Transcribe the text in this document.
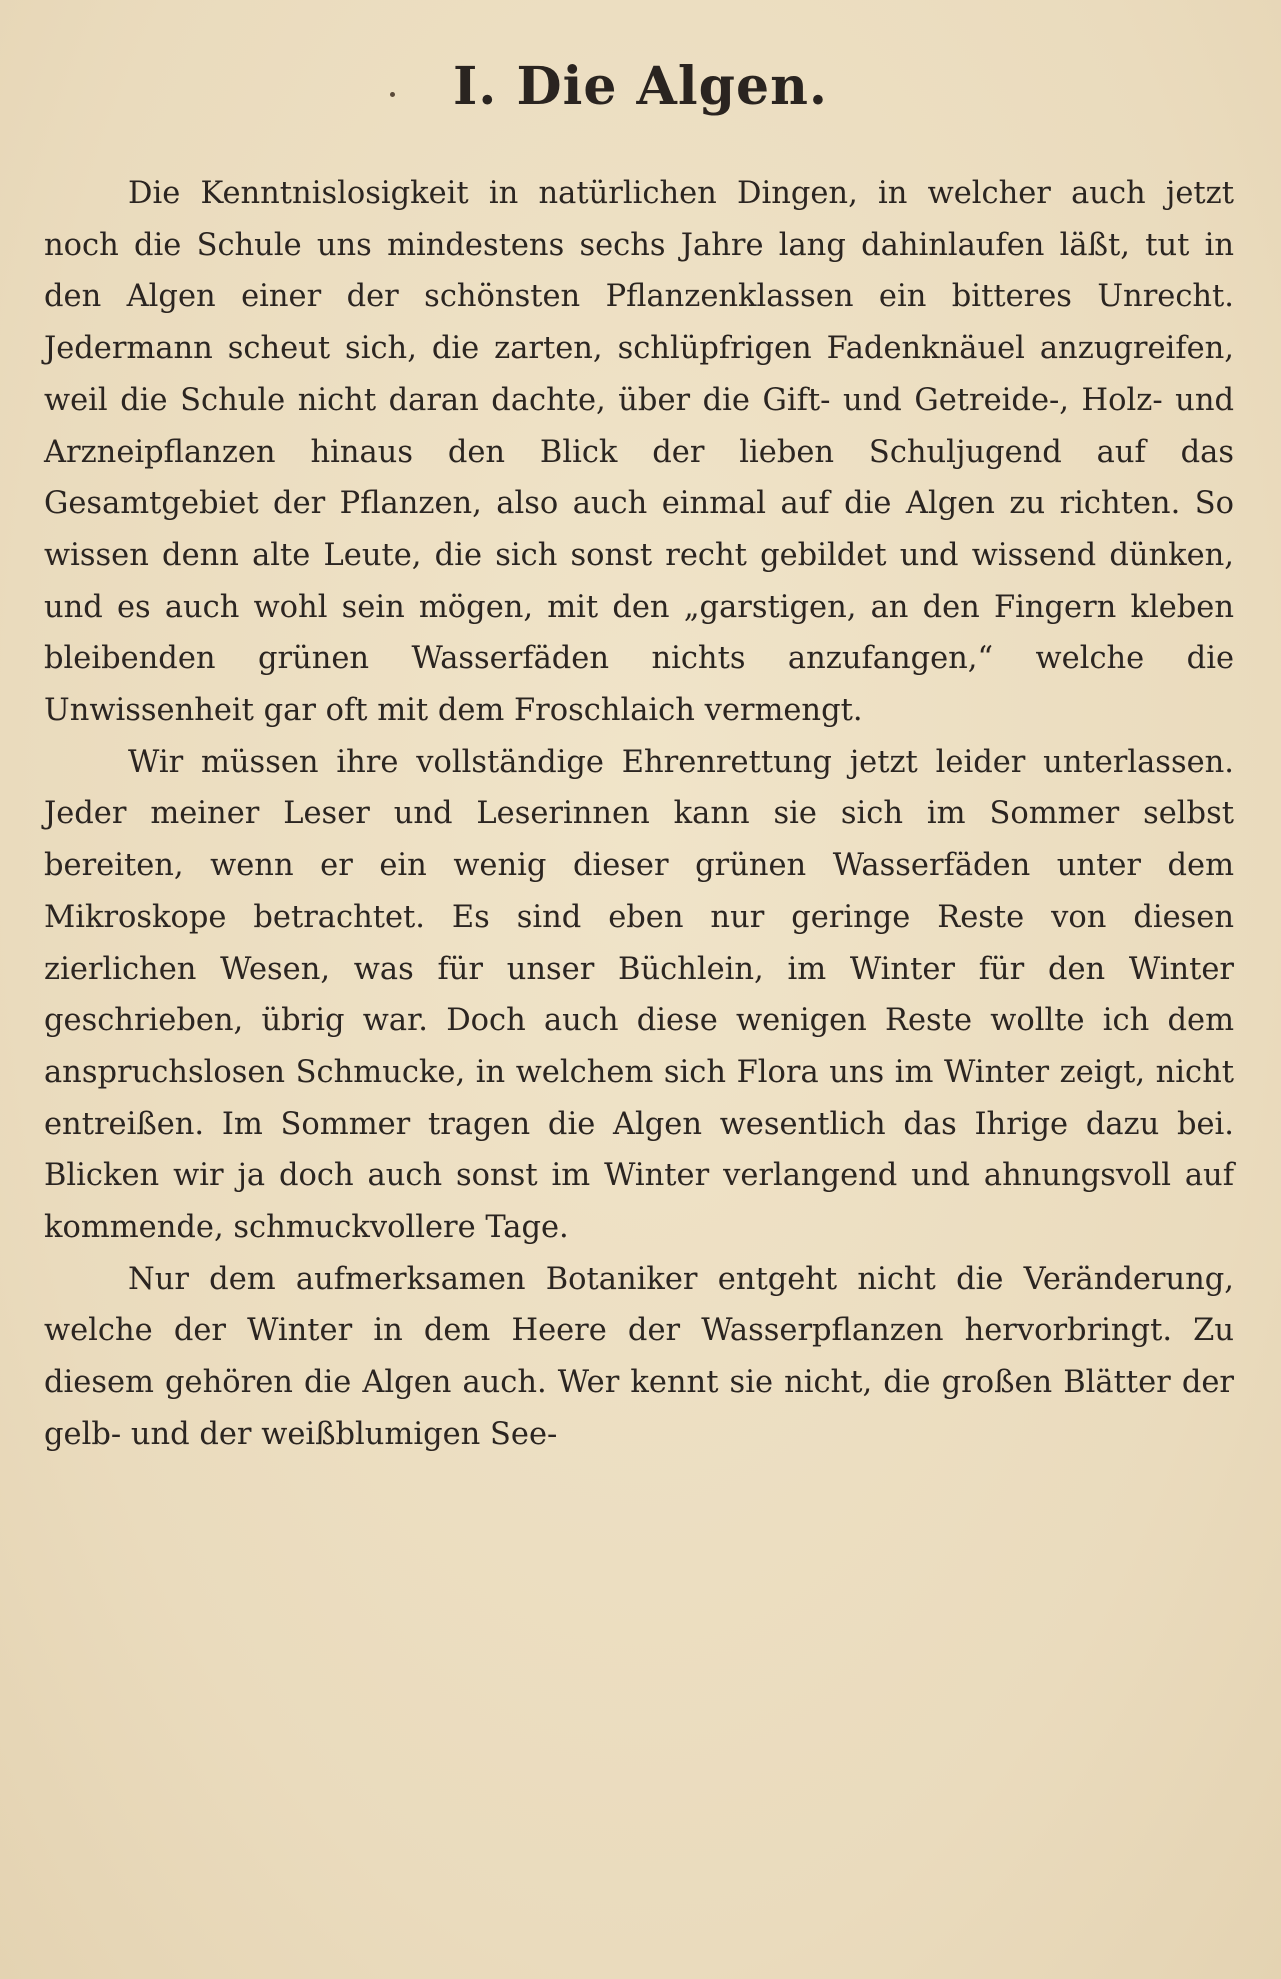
I. Die Algen.

Die Kenntnislosigkeit in natürlichen Dingen, in welcher auch jetzt noch die Schule uns mindestens sechs Jahre lang dahinlaufen läßt, tut in den Algen einer der schönsten Pflanzenklassen ein bitteres Unrecht. Jedermann scheut sich, die zarten, schlüpfrigen Fadenknäuel anzugreifen, weil die Schule nicht daran dachte, über die Gift- und Getreide-, Holz- und Arzneipflanzen hinaus den Blick der lieben Schuljugend auf das Gesamtgebiet der Pflanzen, also auch einmal auf die Algen zu richten. So wissen denn alte Leute, die sich sonst recht gebildet und wissend dünken, und es auch wohl sein mögen, mit den „garstigen, an den Fingern kleben bleibenden grünen Wasserfäden nichts anzufangen,“ welche die Unwissenheit gar oft mit dem Froschlaich vermengt.

Wir müssen ihre vollständige Ehrenrettung jetzt leider unterlassen. Jeder meiner Leser und Leserinnen kann sie sich im Sommer selbst bereiten, wenn er ein wenig dieser grünen Wasserfäden unter dem Mikroskope betrachtet. Es sind eben nur geringe Reste von diesen zierlichen Wesen, was für unser Büchlein, im Winter für den Winter geschrieben, übrig war. Doch auch diese wenigen Reste wollte ich dem anspruchslosen Schmucke, in welchem sich Flora uns im Winter zeigt, nicht entreißen. Im Sommer tragen die Algen wesentlich das Ihrige dazu bei. Blicken wir ja doch auch sonst im Winter verlangend und ahnungsvoll auf kommende, schmuckvollere Tage.

Nur dem aufmerksamen Botaniker entgeht nicht die Veränderung, welche der Winter in dem Heere der Wasserpflanzen hervorbringt. Zu diesem gehören die Algen auch. Wer kennt sie nicht, die großen Blätter der gelb- und der weißblumigen See-
